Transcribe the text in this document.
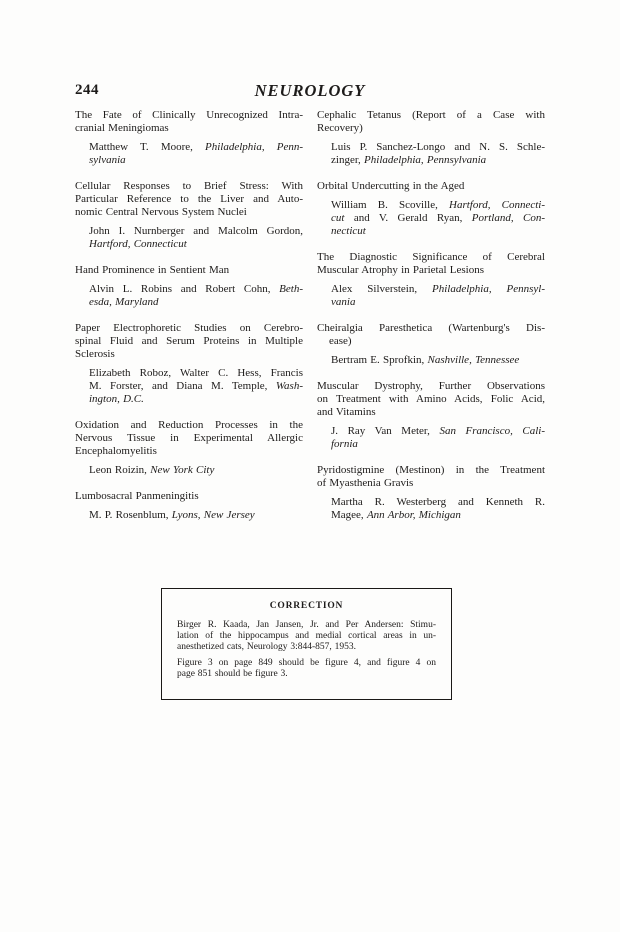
244	NEUROLOGY
The Fate of Clinically Unrecognized Intra-
cranial Meningiomas
Matthew T. Moore, Philadelphia, Penn-
sylvania
Cellular Responses to Brief Stress: With
Particular Reference to the Liver and Auto-
nomic Central Nervous System Nuclei
John I. Nurnberger and Malcolm Gordon,
Hartford, Connecticut
Hand Prominence in Sentient Man
Alvin L. Robins and Robert Cohn, Beth-
esda, Maryland
Paper Electrophoretic Studies on Cerebro-
spinal Fluid and Serum Proteins in Multiple
Sclerosis
Elizabeth Roboz, Walter C. Hess, Francis
M. Forster, and Diana M. Temple, Wash-
ington, D.C.
Oxidation and Reduction Processes in the
Nervous Tissue in Experimental Allergic
Encephalomyelitis
Leon Roizin, New York City
Lumbosacral Panmeningitis
M. P. Rosenblum, Lyons, New Jersey
Cephalic Tetanus (Report of a Case with
Recovery)
Luis P. Sanchez-Longo and N. S. Schle-
zinger, Philadelphia, Pennsylvania
Orbital Undercutting in the Aged
William B. Scoville, Hartford, Connecti-
cut and V. Gerald Ryan, Portland, Con-
necticut
The Diagnostic Significance of Cerebral
Muscular Atrophy in Parietal Lesions
Alex Silverstein, Philadelphia, Pennsyl-
vania
Cheiralgia Paresthetica (Wartenburg's Dis-
ease)
Bertram E. Sprofkin, Nashville, Tennessee
Muscular Dystrophy, Further Observations
on Treatment with Amino Acids, Folic Acid,
and Vitamins
J. Ray Van Meter, San Francisco, Cali-
fornia
Pyridostigmine (Mestinon) in the Treatment
of Myasthenia Gravis
Martha R. Westerberg and Kenneth R.
Magee, Ann Arbor, Michigan
CORRECTION
Birger R. Kaada, Jan Jansen, Jr. and Per Andersen: Stimu-
lation of the hippocampus and medial cortical areas in un-
anesthetized cats, Neurology 3:844-857, 1953.
Figure 3 on page 849 should be figure 4, and figure 4 on
page 851 should be figure 3.
